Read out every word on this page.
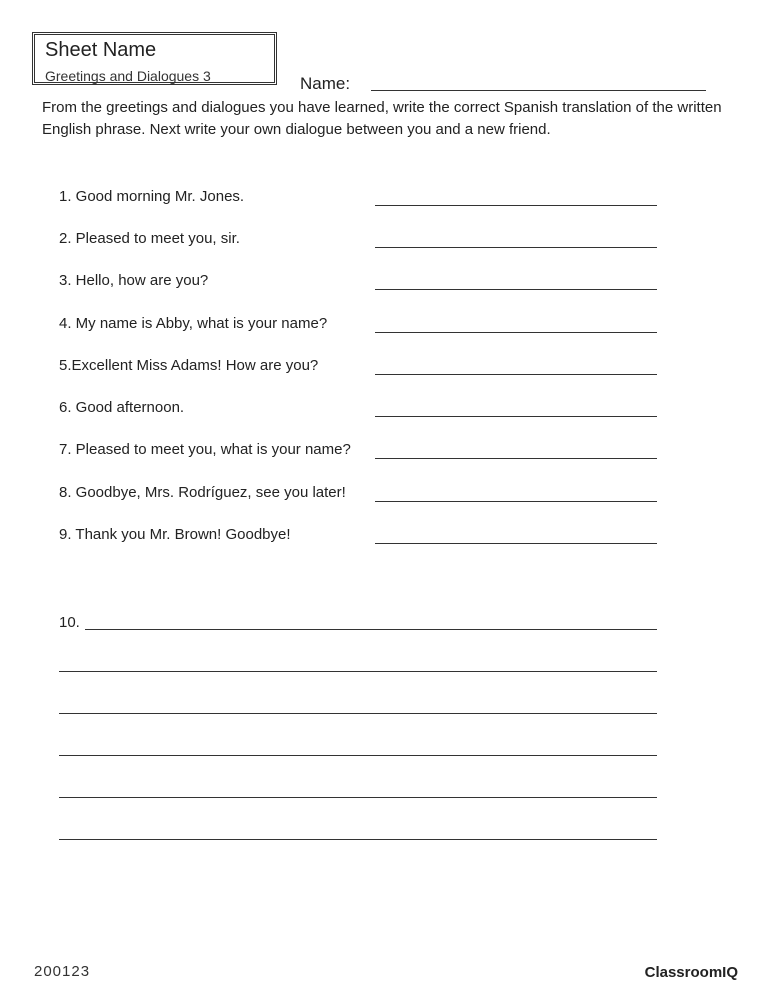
Sheet Name
Greetings and Dialogues 3	Name:
From the greetings and dialogues you have learned, write the correct Spanish translation of the written English phrase. Next write your own dialogue between you and a new friend.
1. Good morning Mr. Jones.
2. Pleased to meet you, sir.
3. Hello, how are you?
4. My name is Abby, what is your name?
5.Excellent Miss Adams! How are you?
6. Good afternoon.
7. Pleased to meet you, what is your name?
8. Goodbye, Mrs. Rodríguez, see you later!
9. Thank you Mr. Brown! Goodbye!
10.
200123	ClassroomIQ
